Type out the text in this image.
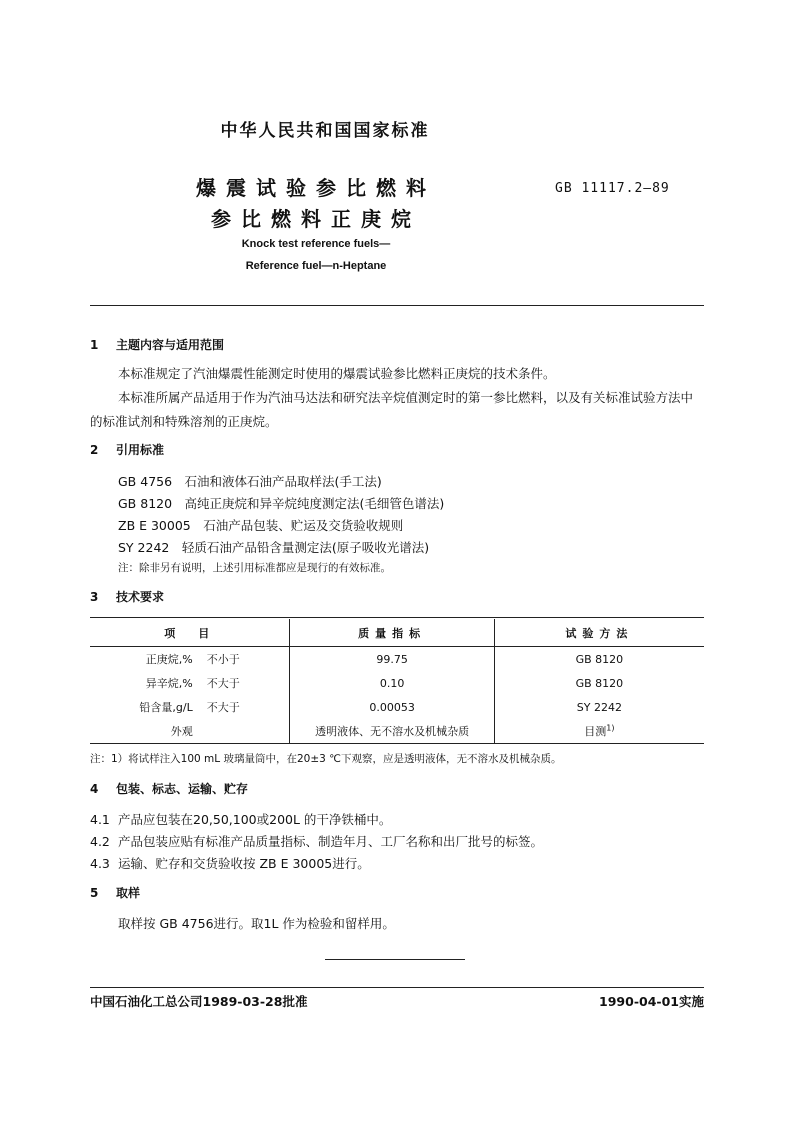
中华人民共和国国家标准
爆震试验参比燃料
参比燃料正庚烷
GB 11117.2—89
Knock test reference fuels—
Reference fuel—n-Heptane
1 主题内容与适用范围
本标准规定了汽油爆震性能测定时使用的爆震试验参比燃料正庚烷的技术条件。
本标准所属产品适用于作为汽油马达法和研究法辛烷值测定时的第一参比燃料，以及有关标准试验方法中的标准试剂和特殊溶剂的正庚烷。
2 引用标准
GB 4756　石油和液体石油产品取样法(手工法)
GB 8120　高纯正庚烷和异辛烷纯度测定法(毛细管色谱法)
ZB E 30005　石油产品包装、贮运及交货验收规则
SY 2242　轻质石油产品铅含量测定法(原子吸收光谱法)
注：除非另有说明，上述引用标准都应是现行的有效标准。
3 技术要求
项　目	质量指标	试验方法
正庚烷,% 不小于	99.75	GB 8120
异辛烷,% 不大于	0.10	GB 8120
铅含量,g/L 不大于	0.00053	SY 2242
外观	透明液体、无不溶水及机械杂质	目测$^{1)}$
注：1）将试样注入100 mL 玻璃量筒中，在20±3 ℃下观察，应是透明液体，无不溶水及机械杂质。
4 包装、标志、运输、贮存
4.1 产品应包装在20,50,100或200L 的干净铁桶中。
4.2 产品包装应贴有标准产品质量指标、制造年月、工厂名称和出厂批号的标签。
4.3 运输、贮存和交货验收按 ZB E 30005进行。
5 取样
取样按 GB 4756进行。取1L 作为检验和留样用。
中国石油化工总公司1989-03-28批准	1990-04-01实施
